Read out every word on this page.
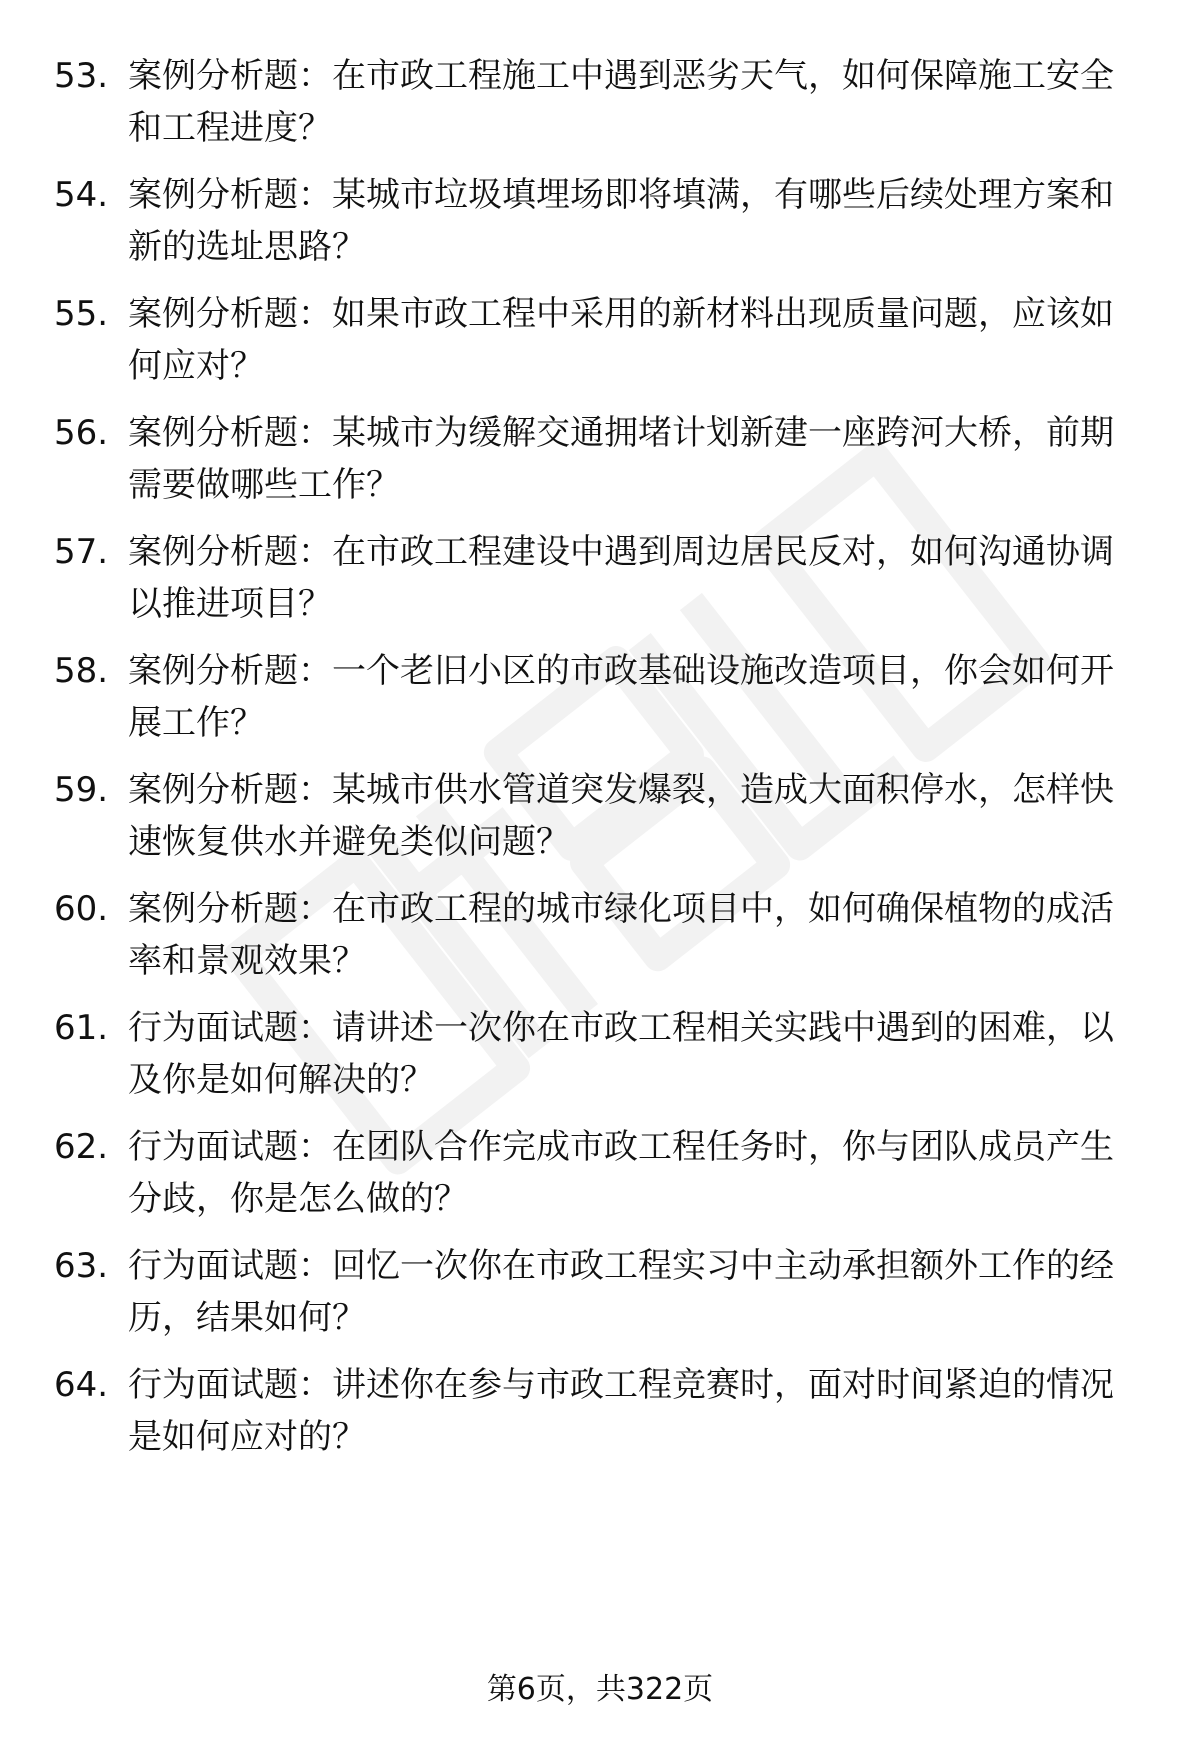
53. 案例分析题：在市政工程施工中遇到恶劣天气，如何保障施工安全和工程进度？
54. 案例分析题：某城市垃圾填埋场即将填满，有哪些后续处理方案和新的选址思路？
55. 案例分析题：如果市政工程中采用的新材料出现质量问题，应该如何应对？
56. 案例分析题：某城市为缓解交通拥堵计划新建一座跨河大桥，前期需要做哪些工作？
57. 案例分析题：在市政工程建设中遇到周边居民反对，如何沟通协调以推进项目？
58. 案例分析题：一个老旧小区的市政基础设施改造项目，你会如何开展工作？
59. 案例分析题：某城市供水管道突发爆裂，造成大面积停水，怎样快速恢复供水并避免类似问题？
60. 案例分析题：在市政工程的城市绿化项目中，如何确保植物的成活率和景观效果？
61. 行为面试题：请讲述一次你在市政工程相关实践中遇到的困难，以及你是如何解决的？
62. 行为面试题：在团队合作完成市政工程任务时，你与团队成员产生分歧，你是怎么做的？
63. 行为面试题：回忆一次你在市政工程实习中主动承担额外工作的经历，结果如何？
64. 行为面试题：讲述你在参与市政工程竞赛时，面对时间紧迫的情况是如何应对的？
第6页，共322页
